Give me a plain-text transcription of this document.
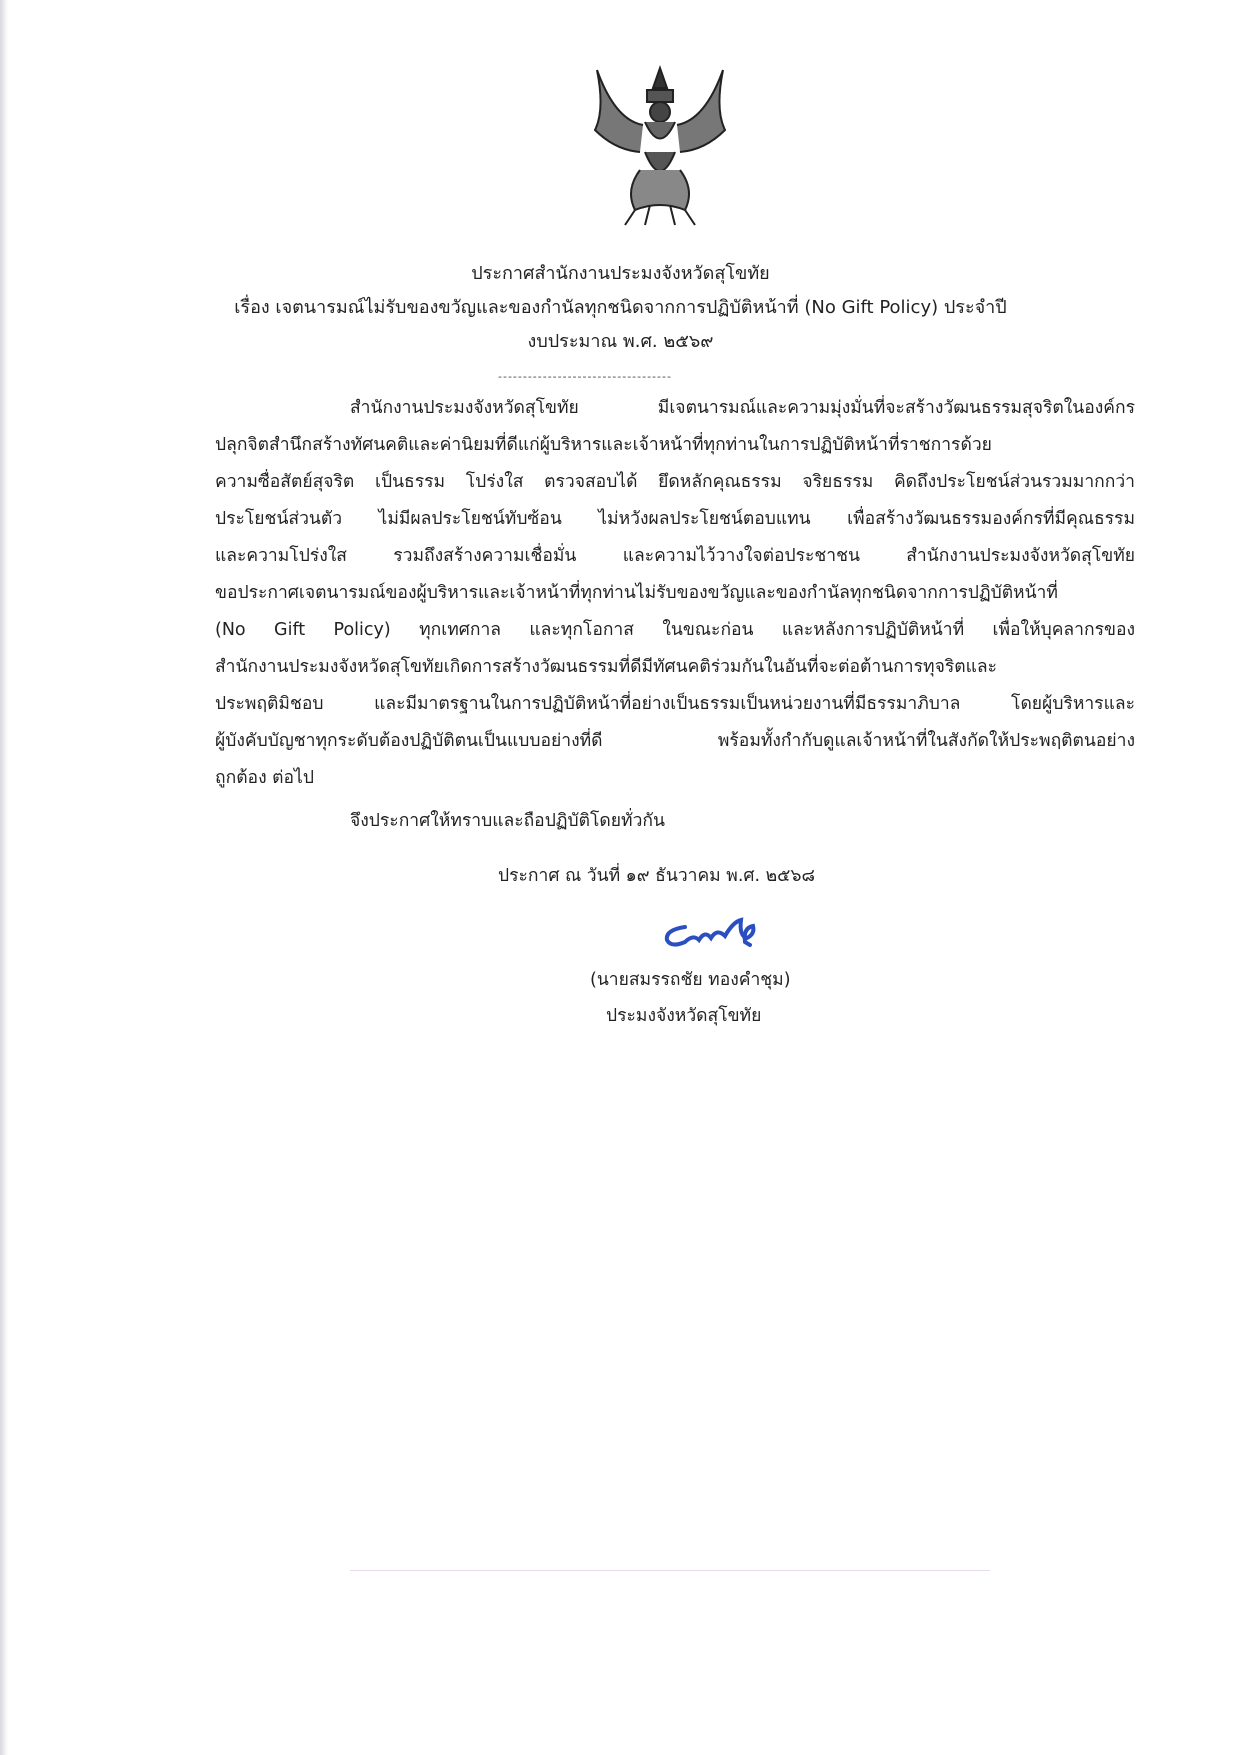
ประกาศสำนักงานประมงจังหวัดสุโขทัย
เรื่อง เจตนารมณ์ไม่รับของขวัญและของกำนัลทุกชนิดจากการปฏิบัติหน้าที่ (No Gift Policy) ประจำปี
งบประมาณ พ.ศ. ๒๕๖๙
-----------------------------------
สำนักงานประมงจังหวัดสุโขทัย มีเจตนารมณ์และความมุ่งมั่นที่จะสร้างวัฒนธรรมสุจริตในองค์กร
ปลุกจิตสำนึกสร้างทัศนคติและค่านิยมที่ดีแก่ผู้บริหารและเจ้าหน้าที่ทุกท่านในการปฏิบัติหน้าที่ราชการด้วย
ความซื่อสัตย์สุจริต เป็นธรรม โปร่งใส ตรวจสอบได้ ยึดหลักคุณธรรม จริยธรรม คิดถึงประโยชน์ส่วนรวมมากกว่า
ประโยชน์ส่วนตัว ไม่มีผลประโยชน์ทับซ้อน ไม่หวังผลประโยชน์ตอบแทน เพื่อสร้างวัฒนธรรมองค์กรที่มีคุณธรรม
และความโปร่งใส รวมถึงสร้างความเชื่อมั่น และความไว้วางใจต่อประชาชน สำนักงานประมงจังหวัดสุโขทัย
ขอประกาศเจตนารมณ์ของผู้บริหารและเจ้าหน้าที่ทุกท่านไม่รับของขวัญและของกำนัลทุกชนิดจากการปฏิบัติหน้าที่
(No Gift Policy) ทุกเทศกาล และทุกโอกาส ในขณะก่อน และหลังการปฏิบัติหน้าที่ เพื่อให้บุคลากรของ
สำนักงานประมงจังหวัดสุโขทัยเกิดการสร้างวัฒนธรรมที่ดีมีทัศนคติร่วมกันในอันที่จะต่อต้านการทุจริตและ
ประพฤติมิชอบ และมีมาตรฐานในการปฏิบัติหน้าที่อย่างเป็นธรรมเป็นหน่วยงานที่มีธรรมาภิบาล โดยผู้บริหารและ
ผู้บังคับบัญชาทุกระดับต้องปฏิบัติตนเป็นแบบอย่างที่ดี พร้อมทั้งกำกับดูแลเจ้าหน้าที่ในสังกัดให้ประพฤติตนอย่าง
ถูกต้อง ต่อไป
จึงประกาศให้ทราบและถือปฏิบัติโดยทั่วกัน
ประกาศ ณ วันที่ ๑๙ ธันวาคม พ.ศ. ๒๕๖๘
(นายสมรรถชัย ทองคำชุม)
ประมงจังหวัดสุโขทัย
